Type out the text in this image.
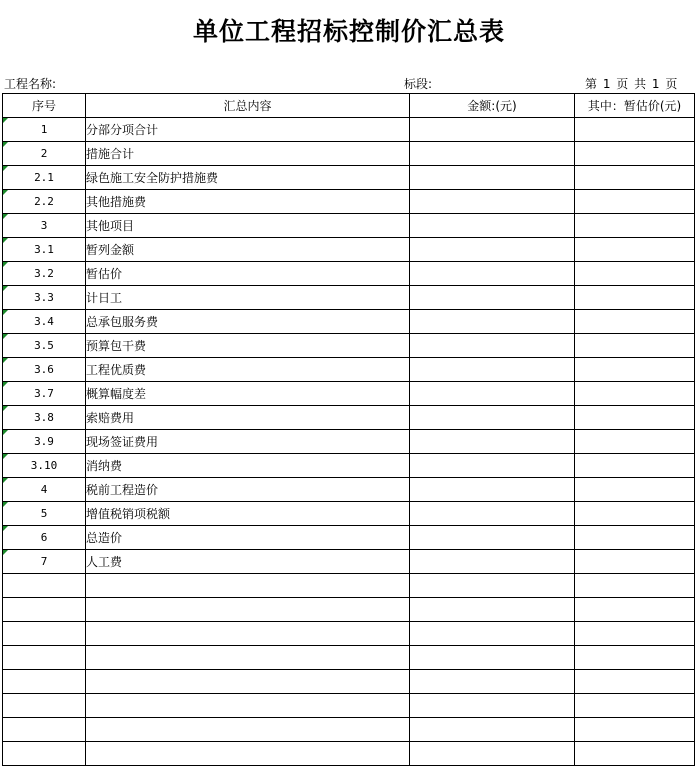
单位工程招标控制价汇总表
工程名称:	标段:	第 1 页 共 1 页
序号	汇总内容	金额:(元)	其中：暂估价(元)
1	分部分项合计		
2	措施合计		
2.1	绿色施工安全防护措施费		
2.2	其他措施费		
3	其他项目		
3.1	暂列金额		
3.2	暂估价		
3.3	计日工		
3.4	总承包服务费		
3.5	预算包干费		
3.6	工程优质费		
3.7	概算幅度差		
3.8	索赔费用		
3.9	现场签证费用		
3.10	消纳费		
4	税前工程造价		
5	增值税销项税额		
6	总造价		
7	人工费		
